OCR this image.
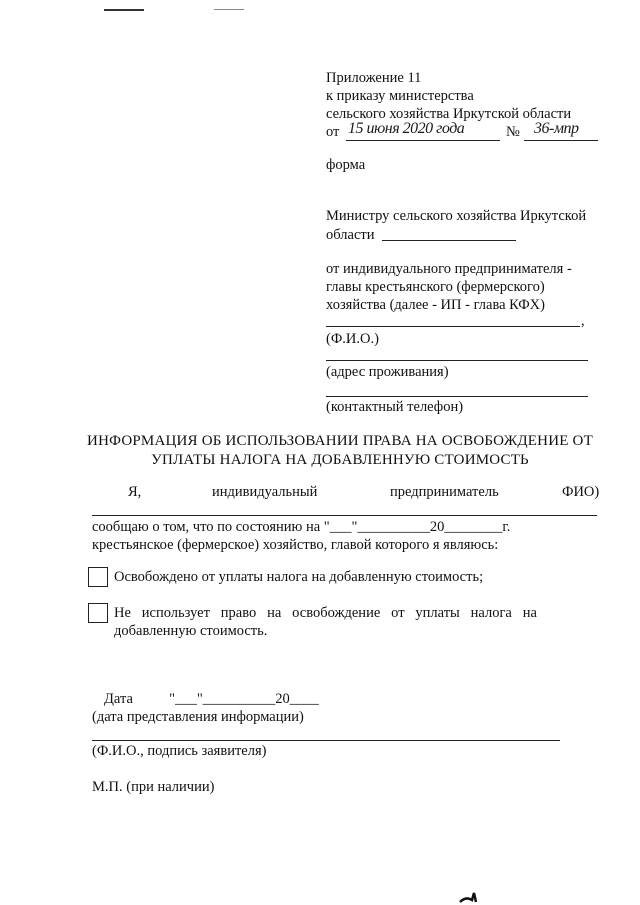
Приложение 11
к приказу министерства
сельского хозяйства Иркутской области
от 15 июня 2020 года	№ 36-мпр
форма
Министру сельского хозяйства Иркутской
области
от индивидуального предпринимателя -
главы крестьянского (фермерского)
хозяйства (далее - ИП - глава КФХ)
,
(Ф.И.О.)
(адрес проживания)
(контактный телефон)
ИНФОРМАЦИЯ ОБ ИСПОЛЬЗОВАНИИ ПРАВА НА ОСВОБОЖДЕНИЕ ОТ
УПЛАТЫ НАЛОГА НА ДОБАВЛЕННУЮ СТОИМОСТЬ
Я,	индивидуальный	предприниматель	ФИО)
сообщаю о том, что по состоянию на "___"__________20________г.
крестьянское (фермерское) хозяйство, главой которого я являюсь:
Освобождено от уплаты налога на добавленную стоимость;
Не   использует   право   на   освобождение   от   уплаты   налога   на
добавленную стоимость.
Дата          "___"__________20____
(дата представления информации)
(Ф.И.О., подпись заявителя)
М.П. (при наличии)
